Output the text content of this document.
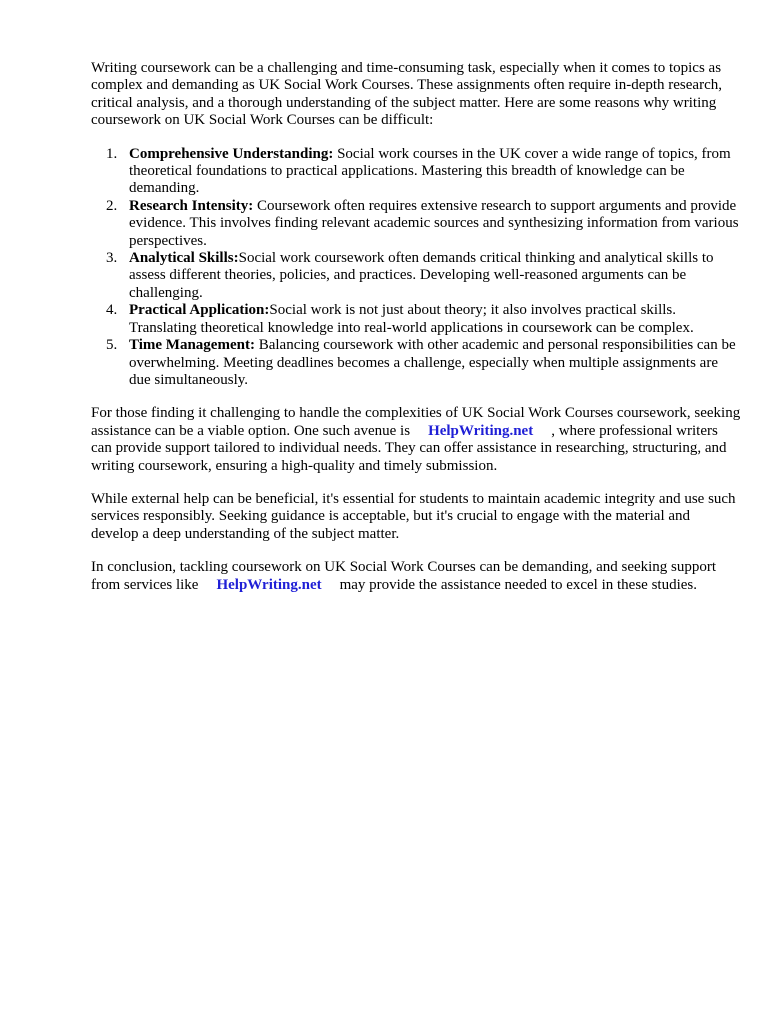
Writing coursework can be a challenging and time-consuming task, especially when it comes to topics as complex and demanding as UK Social Work Courses. These assignments often require in-depth research, critical analysis, and a thorough understanding of the subject matter. Here are some reasons why writing coursework on UK Social Work Courses can be difficult:

1. Comprehensive Understanding: Social work courses in the UK cover a wide range of topics, from theoretical foundations to practical applications. Mastering this breadth of knowledge can be demanding.
2. Research Intensity: Coursework often requires extensive research to support arguments and provide evidence. This involves finding relevant academic sources and synthesizing information from various perspectives.
3. Analytical Skills:Social work coursework often demands critical thinking and analytical skills to assess different theories, policies, and practices. Developing well-reasoned arguments can be challenging.
4. Practical Application:Social work is not just about theory; it also involves practical skills. Translating theoretical knowledge into real-world applications in coursework can be complex.
5. Time Management: Balancing coursework with other academic and personal responsibilities can be overwhelming. Meeting deadlines becomes a challenge, especially when multiple assignments are due simultaneously.

For those finding it challenging to handle the complexities of UK Social Work Courses coursework, seeking assistance can be a viable option. One such avenue is HelpWriting.net , where professional writers can provide support tailored to individual needs. They can offer assistance in researching, structuring, and writing coursework, ensuring a high-quality and timely submission.

While external help can be beneficial, it's essential for students to maintain academic integrity and use such services responsibly. Seeking guidance is acceptable, but it's crucial to engage with the material and develop a deep understanding of the subject matter.

In conclusion, tackling coursework on UK Social Work Courses can be demanding, and seeking support from services like HelpWriting.net may provide the assistance needed to excel in these studies.
